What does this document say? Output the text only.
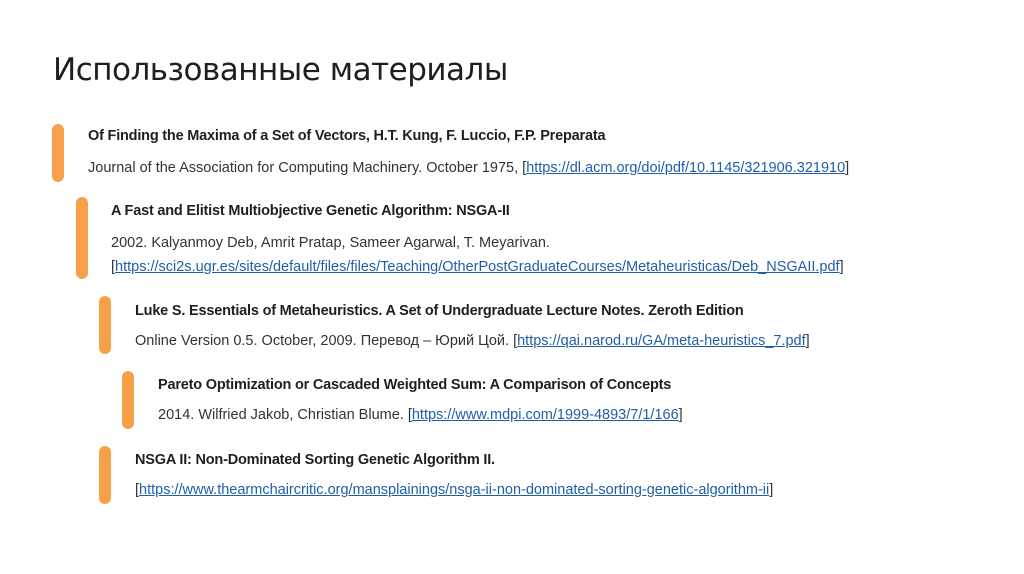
Использованные материалы
Of Finding the Maxima of a Set of Vectors, H.T. Kung, F. Luccio, F.P. Preparata
Journal of the Association for Computing Machinery. October 1975, [https://dl.acm.org/doi/pdf/10.1145/321906.321910]
A Fast and Elitist Multiobjective Genetic Algorithm: NSGA-II
2002. Kalyanmoy Deb, Amrit Pratap, Sameer Agarwal, T. Meyarivan.
[https://sci2s.ugr.es/sites/default/files/files/Teaching/OtherPostGraduateCourses/Metaheuristicas/Deb_NSGAII.pdf]
Luke S. Essentials of Metaheuristics. A Set of Undergraduate Lecture Notes. Zeroth Edition
Online Version 0.5. October, 2009. Перевод – Юрий Цой. [https://qai.narod.ru/GA/meta-heuristics_7.pdf]
Pareto Optimization or Cascaded Weighted Sum: A Comparison of Concepts
2014. Wilfried Jakob, Christian Blume. [https://www.mdpi.com/1999-4893/7/1/166]
NSGA II: Non-Dominated Sorting Genetic Algorithm II.
[https://www.thearmchaircritic.org/mansplainings/nsga-ii-non-dominated-sorting-genetic-algorithm-ii]
